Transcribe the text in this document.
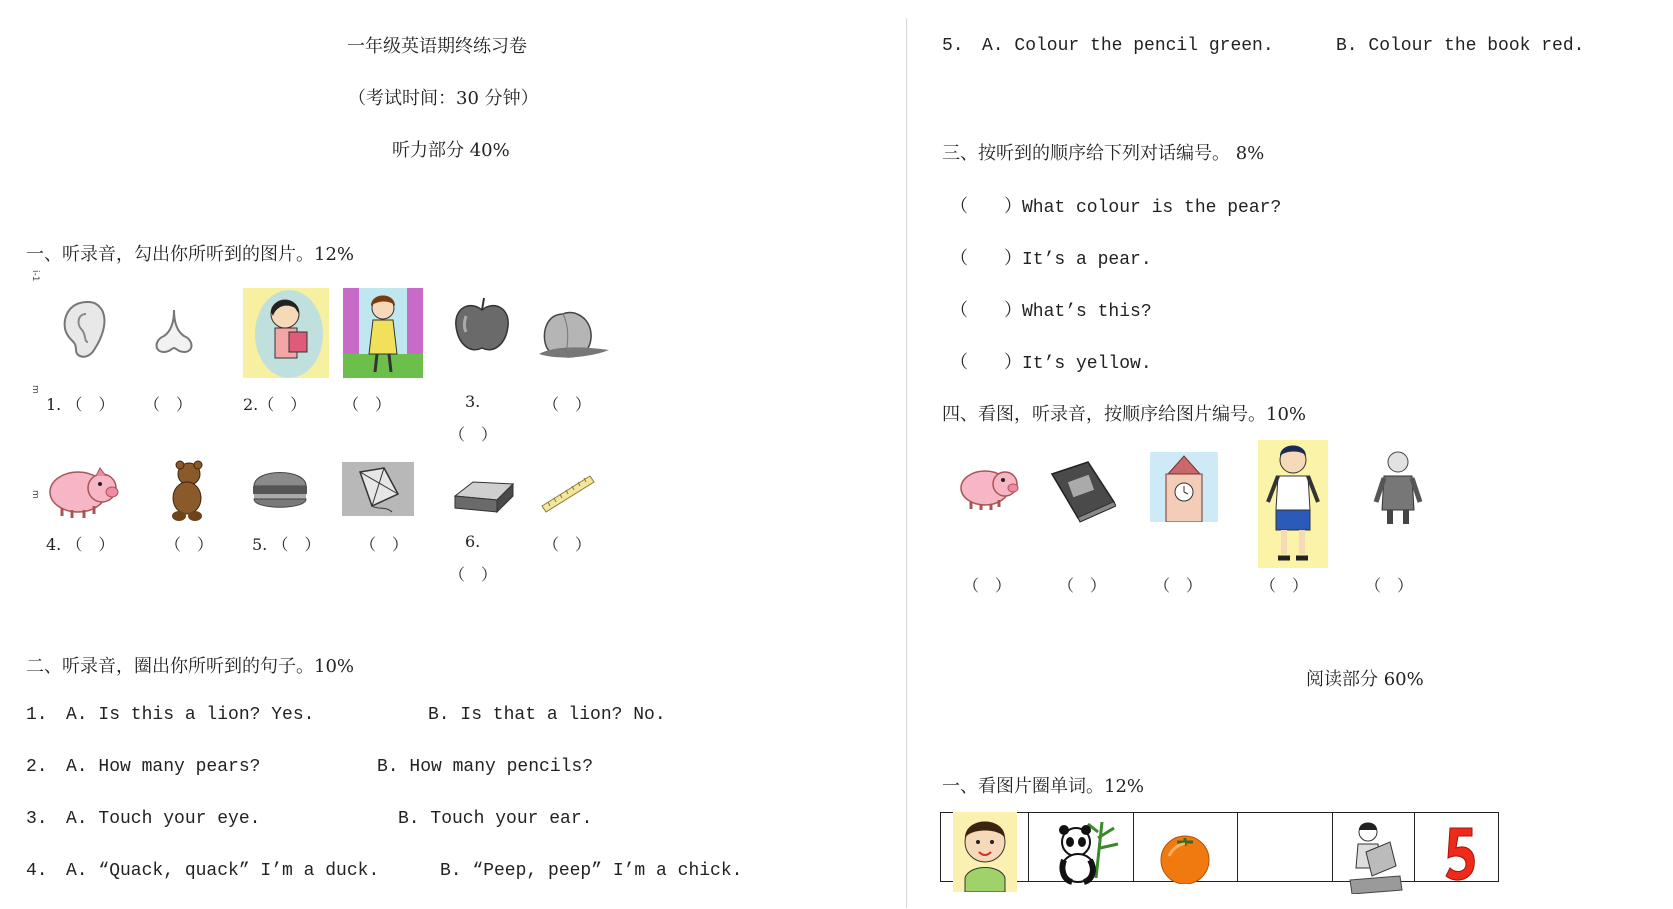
一年级英语期终练习卷
（考试时间：30 分钟）
听力部分 40%
一、听录音，勾出你所听到的图片。12%
i-1
m
m
1. （　） （　）	2.（　） （　）	3.	（　）
（　）
4. （　）	（　） 5. （　） （　）	6.	（　）
（　）
二、听录音，圈出你所听到的句子。10%
1. A. Is this a lion? Yes.	B. Is that a lion? No.
2. A. How many pears?	B. How many pencils?
3. A. Touch your eye.	B. Touch your ear.
4. A. “Quack, quack” I’m a duck.	B. “Peep, peep” I’m a chick.
5. A. Colour the pencil green.	B. Colour the book red.
三、按听到的顺序给下列对话编号。 8%
（　　）What colour is the pear?
（　　）It’s a pear.
（　　）What’s this?
（　　）It’s yellow.
四、看图，听录音，按顺序给图片编号。10%
（　）	（　）	（　）	（　）	（　）
阅读部分 60%
一、看图片圈单词。12%
